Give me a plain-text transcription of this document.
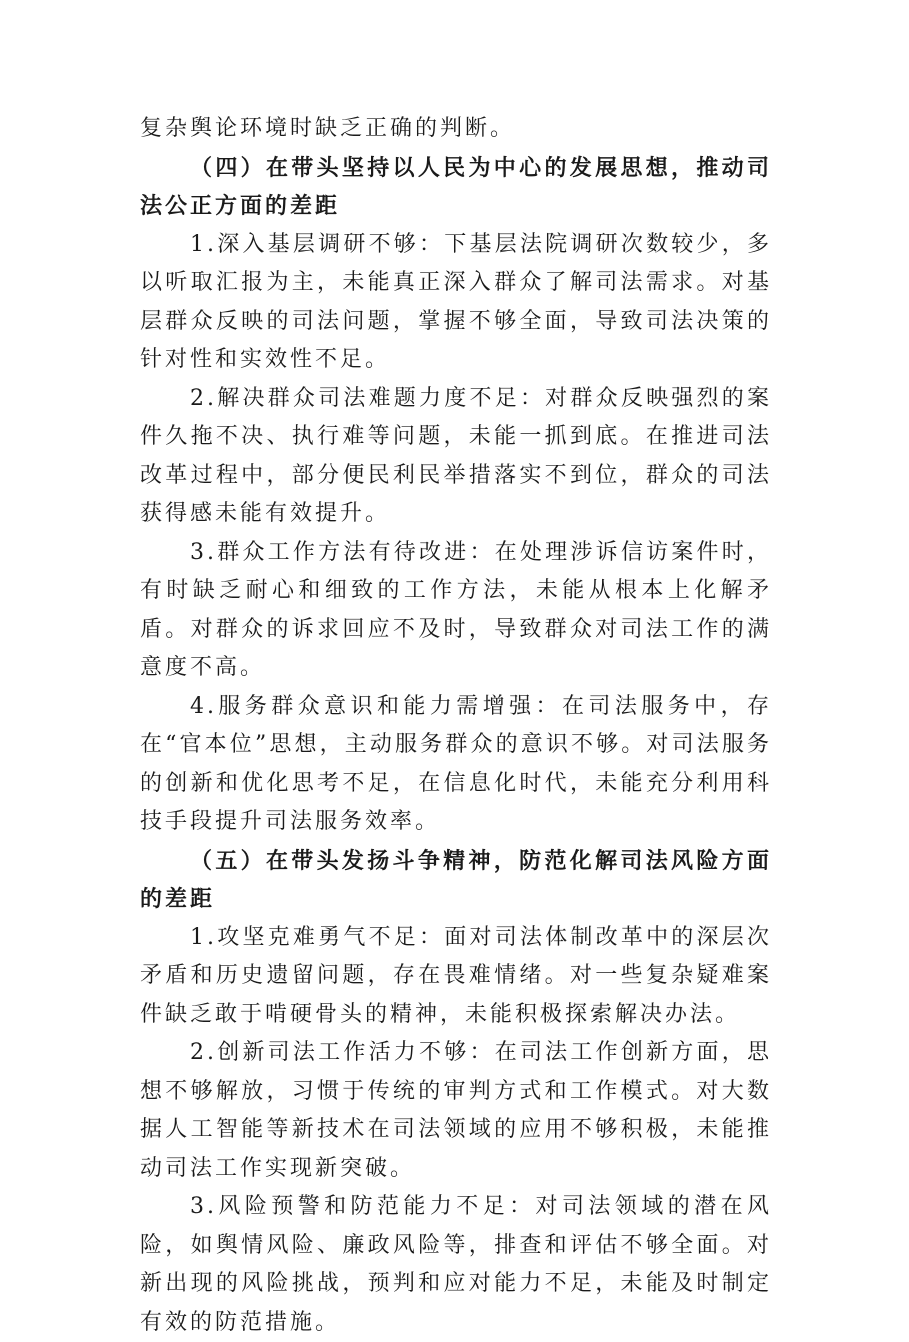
复杂舆论环境时缺乏正确的判断。

（四）在带头坚持以人民为中心的发展思想，推动司法公正方面的差距

1.深入基层调研不够：下基层法院调研次数较少，多以听取汇报为主，未能真正深入群众了解司法需求。对基层群众反映的司法问题，掌握不够全面，导致司法决策的针对性和实效性不足。

2.解决群众司法难题力度不足：对群众反映强烈的案件久拖不决、执行难等问题，未能一抓到底。在推进司法改革过程中，部分便民利民举措落实不到位，群众的司法获得感未能有效提升。

3.群众工作方法有待改进：在处理涉诉信访案件时，有时缺乏耐心和细致的工作方法，未能从根本上化解矛盾。对群众的诉求回应不及时，导致群众对司法工作的满意度不高。

4.服务群众意识和能力需增强：在司法服务中，存在“官本位”思想，主动服务群众的意识不够。对司法服务的创新和优化思考不足，在信息化时代，未能充分利用科技手段提升司法服务效率。

（五）在带头发扬斗争精神，防范化解司法风险方面的差距

1.攻坚克难勇气不足：面对司法体制改革中的深层次矛盾和历史遗留问题，存在畏难情绪。对一些复杂疑难案件缺乏敢于啃硬骨头的精神，未能积极探索解决办法。

2.创新司法工作活力不够：在司法工作创新方面，思想不够解放，习惯于传统的审判方式和工作模式。对大数据人工智能等新技术在司法领域的应用不够积极，未能推动司法工作实现新突破。

3.风险预警和防范能力不足：对司法领域的潜在风险，如舆情风险、廉政风险等，排查和评估不够全面。对新出现的风险挑战，预判和应对能力不足，未能及时制定有效的防范措施。
